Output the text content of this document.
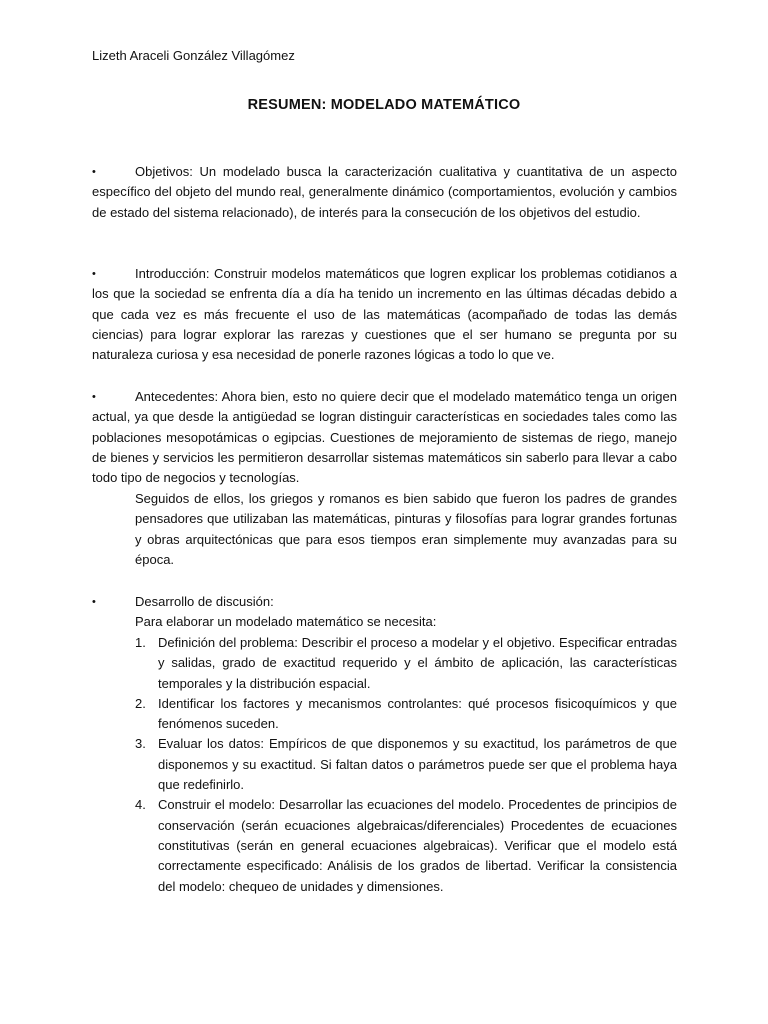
Lizeth Araceli González Villagómez
RESUMEN: MODELADO MATEMÁTICO
•	Objetivos: Un modelado busca la caracterización cualitativa y cuantitativa de un aspecto específico del objeto del mundo real, generalmente dinámico (comportamientos, evolución y cambios de estado del sistema relacionado), de interés para la consecución de los objetivos del estudio.

•	Introducción: Construir modelos matemáticos que logren explicar los problemas cotidianos a los que la sociedad se enfrenta día a día ha tenido un incremento en las últimas décadas debido a que cada vez es más frecuente el uso de las matemáticas (acompañado de todas las demás ciencias) para lograr explorar las rarezas y cuestiones que el ser humano se pregunta por su naturaleza curiosa y esa necesidad de ponerle razones lógicas a todo lo que ve.

•	Antecedentes: Ahora bien, esto no quiere decir que el modelado matemático tenga un origen actual, ya que desde la antigüedad se logran distinguir características en sociedades tales como las poblaciones mesopotámicas o egipcias. Cuestiones de mejoramiento de sistemas de riego, manejo de bienes y servicios les permitieron desarrollar sistemas matemáticos sin saberlo para llevar a cabo todo tipo de negocios y tecnologías.

Seguidos de ellos, los griegos y romanos es bien sabido que fueron los padres de grandes pensadores que utilizaban las matemáticas, pinturas y filosofías para lograr grandes fortunas y obras arquitectónicas que para esos tiempos eran simplemente muy avanzadas para su época.

•	Desarrollo de discusión:
Para elaborar un modelado matemático se necesita:
1. Definición del problema: Describir el proceso a modelar y el objetivo. Especificar entradas y salidas, grado de exactitud requerido y el ámbito de aplicación, las características temporales y la distribución espacial.
2. Identificar los factores y mecanismos controlantes: qué procesos fisicoquímicos y que fenómenos suceden.
3. Evaluar los datos: Empíricos de que disponemos y su exactitud, los parámetros de que disponemos y su exactitud. Si faltan datos o parámetros puede ser que el problema haya que redefinirlo.
4. Construir el modelo: Desarrollar las ecuaciones del modelo. Procedentes de principios de conservación (serán ecuaciones algebraicas/diferenciales) Procedentes de ecuaciones constitutivas (serán en general ecuaciones algebraicas). Verificar que el modelo está correctamente especificado: Análisis de los grados de libertad. Verificar la consistencia del modelo: chequeo de unidades y dimensiones.
